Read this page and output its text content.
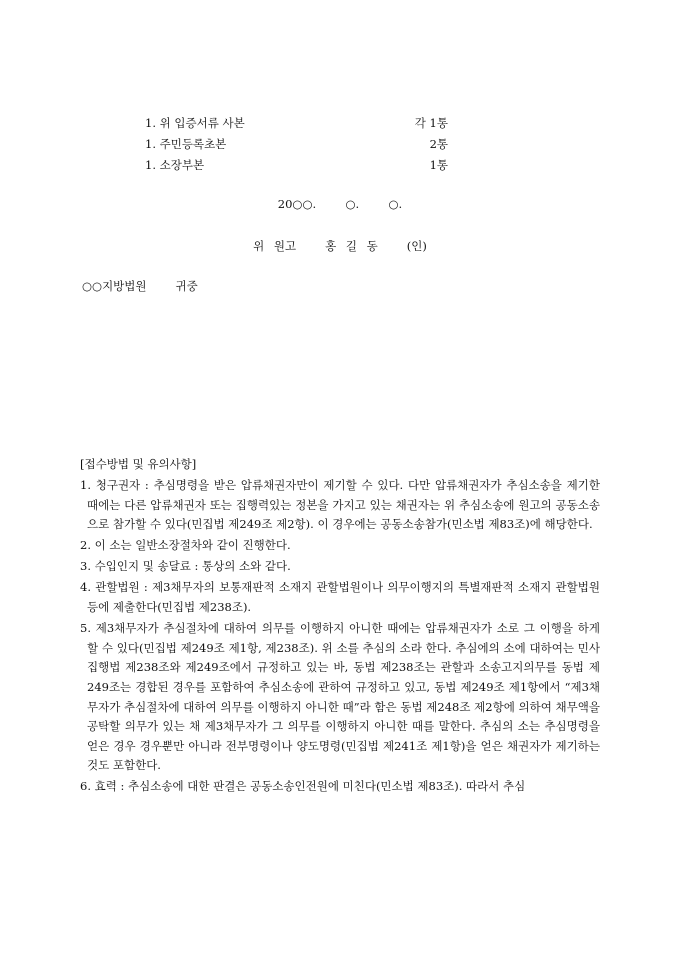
1. 위 입증서류 사본	각 1통
1. 주민등록초본	2통
1. 소장부본	1통
20○○.	○.	○.
위 원고   홍 길 동   (인)
○○지방법원   귀중
[접수방법 및 유의사항]
1. 청구권자 : 추심명령을 받은 압류채권자만이 제기할 수 있다. 다만 압류채권자가 추심소송을 제기한 때에는 다른 압류채권자 또는 집행력있는 정본을 가지고 있는 채권자는 위 추심소송에 원고의 공동소송으로 참가할 수 있다(민집법 제249조 제2항). 이 경우에는 공동소송참가(민소법 제83조)에 해당한다.
2. 이 소는 일반소장절차와 같이 진행한다.
3. 수입인지 및 송달료 : 통상의 소와 같다.
4. 관할법원 : 제3채무자의 보통재판적 소재지 관할법원이나 의무이행지의 특별재판적 소재지 관할법원 등에 제출한다(민집법 제238조).
5. 제3채무자가 추심절차에 대하여 의무를 이행하지 아니한 때에는 압류채권자가 소로 그 이행을 하게 할 수 있다(민집법 제249조 제1항, 제238조). 위 소를 추심의 소라 한다. 추심에의 소에 대하여는 민사집행법 제238조와 제249조에서 규정하고 있는 바, 동법 제238조는 관할과 소송고지의무를 동법 제249조는 경합된 경우를 포함하여 추심소송에 관하여 규정하고 있고, 동법 제249조 제1항에서 “제3채무자가 추심절차에 대하여 의무를 이행하지 아니한 때”라 함은 동법 제248조 제2항에 의하여 채무액을 공탁할 의무가 있는 채 제3채무자가 그 의무를 이행하지 아니한 때를 말한다. 추심의 소는 추심명령을 얻은 경우 경우뿐만 아니라 전부명령이나 양도명령(민집법 제241조 제1항)을 얻은 채권자가 제기하는 것도 포함한다.
6. 효력 : 추심소송에 대한 판결은 공동소송인전원에 미친다(민소법 제83조). 따라서 추심
